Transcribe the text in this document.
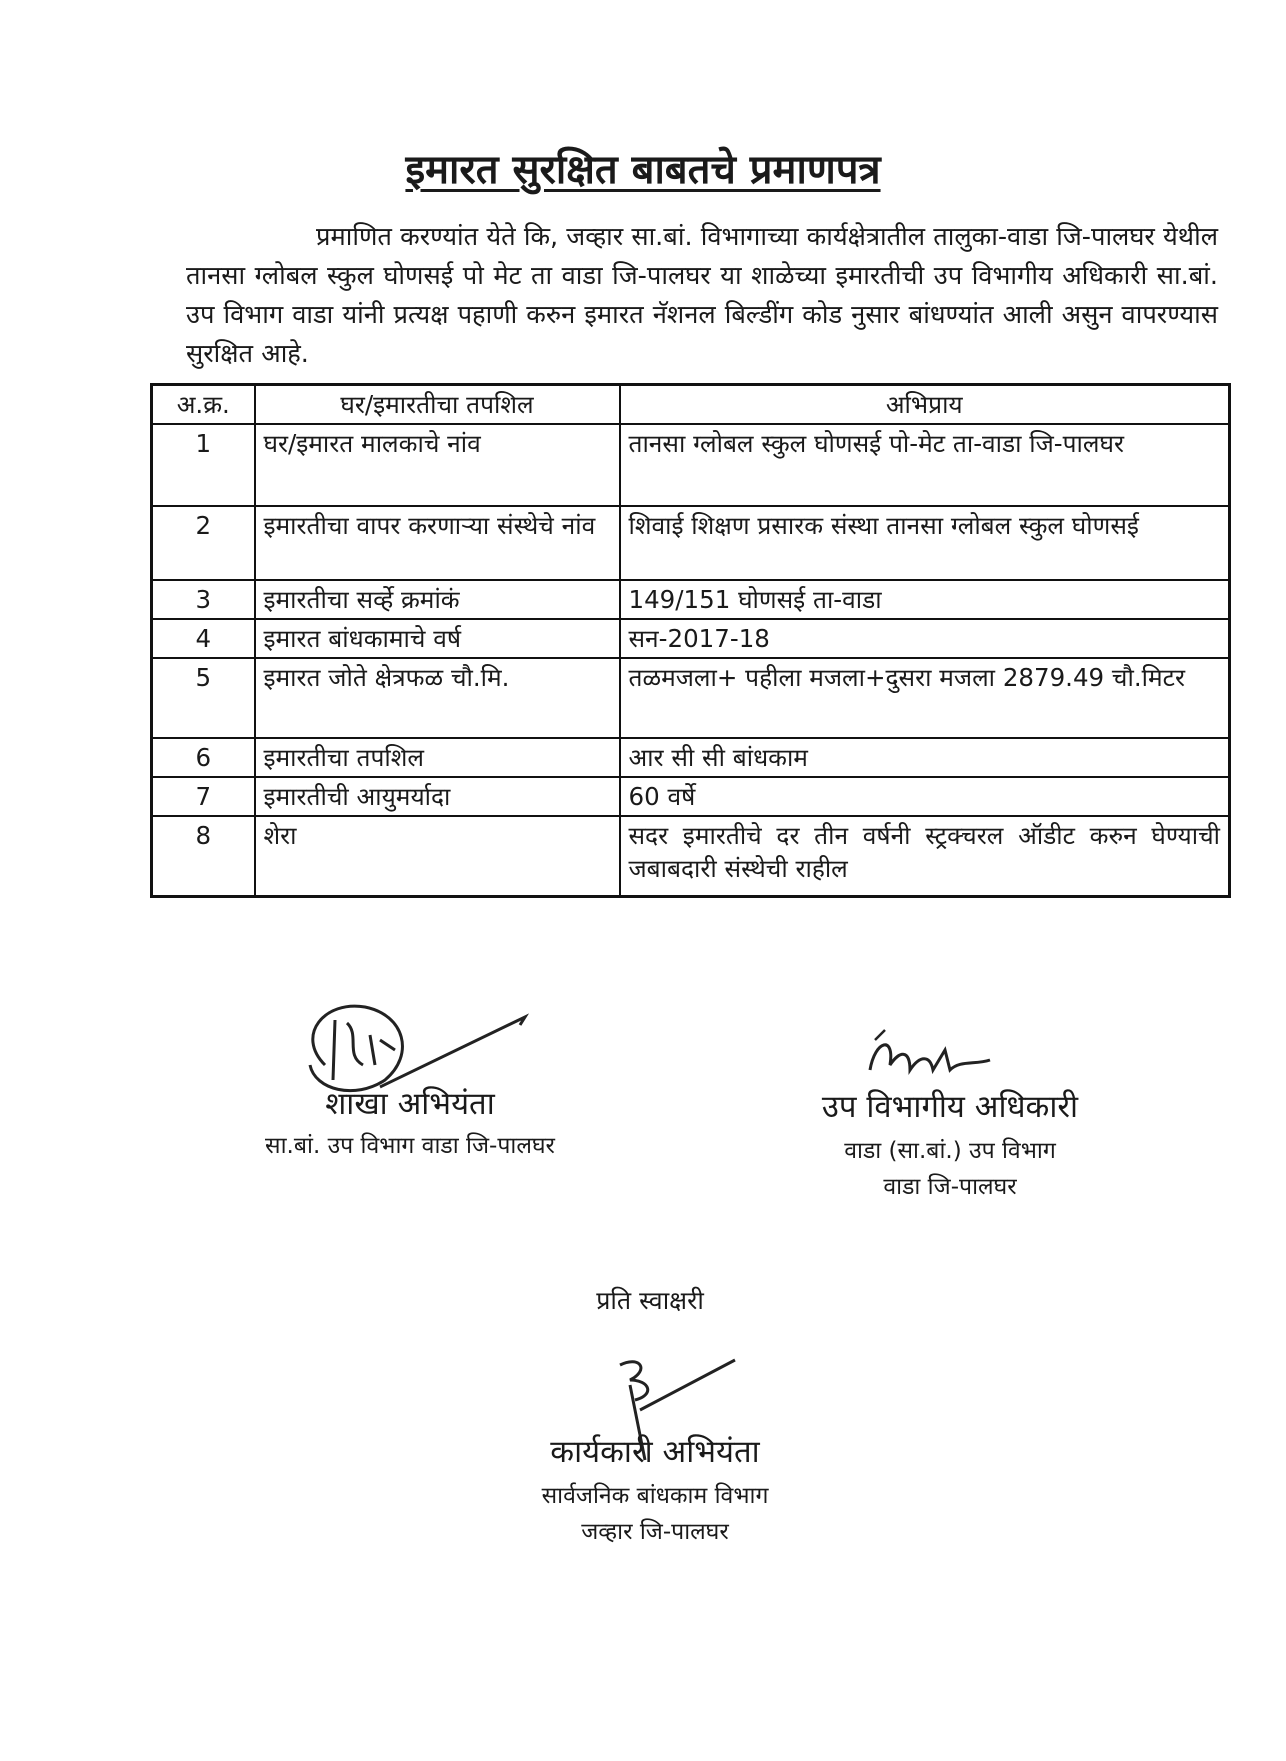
इमारत सुरक्षित बाबतचे प्रमाणपत्र
प्रमाणित करण्यांत येते कि, जव्हार सा.बां. विभागाच्या कार्यक्षेत्रातील तालुका-वाडा जि-पालघर येथील तानसा ग्लोबल स्कुल घोणसई पो मेट ता वाडा जि-पालघर या शाळेच्या इमारतीची उप विभागीय अधिकारी सा.बां. उप विभाग वाडा यांनी प्रत्यक्ष पहाणी करुन इमारत नॅशनल बिल्डींग कोड नुसार बांधण्यांत आली असुन वापरण्यास सुरक्षित आहे.
अ.क्र.	घर/इमारतीचा तपशिल	अभिप्राय
1	घर/इमारत मालकाचे नांव	तानसा ग्लोबल स्कुल घोणसई पो-मेट ता-वाडा जि-पालघर
2	इमारतीचा वापर करणाऱ्या संस्थेचे नांव	शिवाई शिक्षण प्रसारक संस्था तानसा ग्लोबल स्कुल घोणसई
3	इमारतीचा सर्व्हे क्रमांकं	149/151 घोणसई ता-वाडा
4	इमारत बांधकामाचे वर्ष	सन-2017-18
5	इमारत जोते क्षेत्रफळ चौ.मि.	तळमजला+ पहीला मजला+दुसरा मजला 2879.49 चौ.मिटर
6	इमारतीचा तपशिल	आर सी सी बांधकाम
7	इमारतीची आयुमर्यादा	60 वर्षे
8	शेरा	सदर इमारतीचे दर तीन वर्षनी स्ट्रक्चरल ऑडीट करुन घेण्याची जबाबदारी संस्थेची राहील
शाखा अभियंता
सा.बां. उप विभाग वाडा जि-पालघर
उप विभागीय अधिकारी
वाडा (सा.बां.) उप विभाग
वाडा जि-पालघर
प्रति स्वाक्षरी
कार्यकारी अभियंता
सार्वजनिक बांधकाम विभाग
जव्हार जि-पालघर
